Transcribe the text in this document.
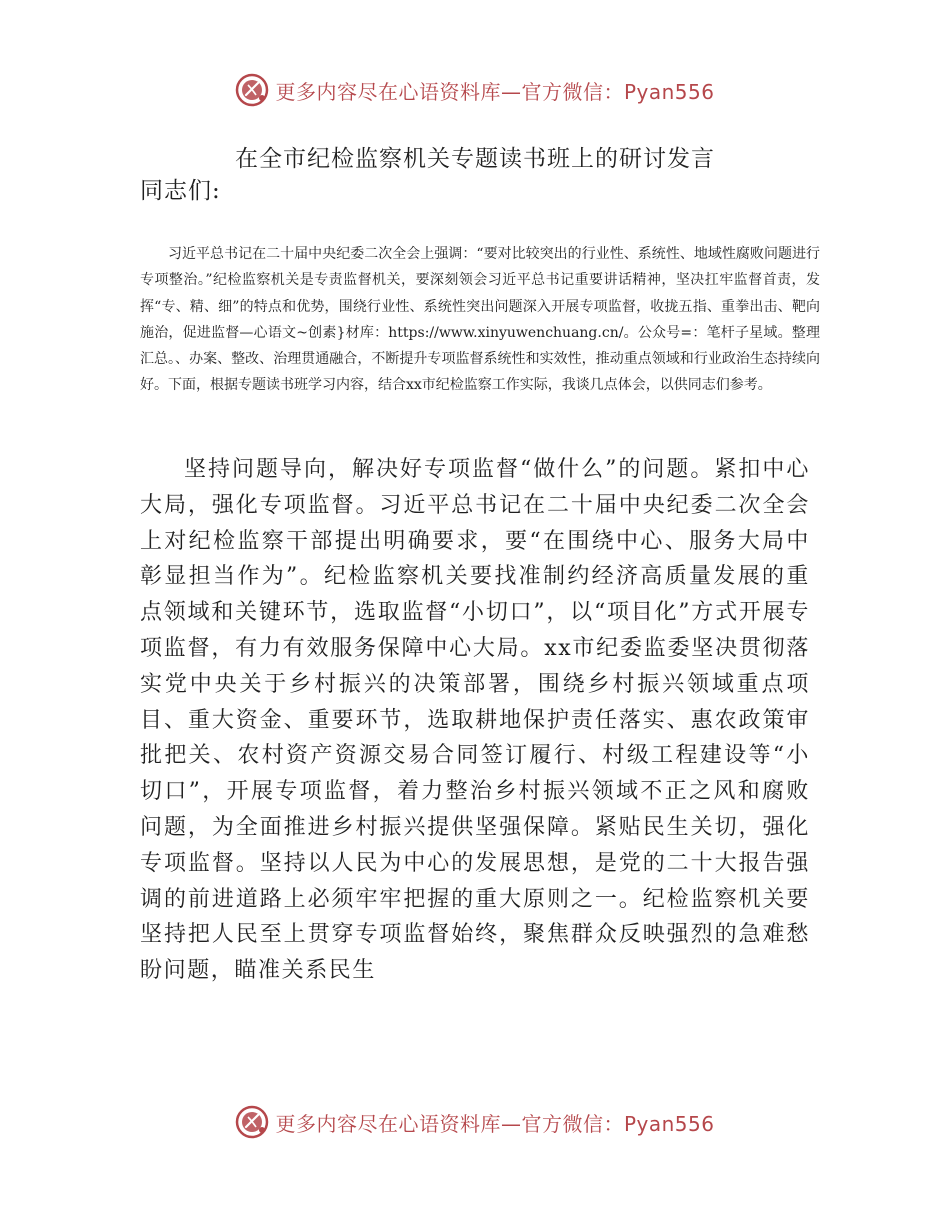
更多内容尽在心语资料库—官方微信：Pyan556
在全市纪检监察机关专题读书班上的研讨发言

同志们:

习近平总书记在二十届中央纪委二次全会上强调：“要对比较突出的行业性、系统性、地域性腐败问题进行专项整治。”纪检监察机关是专责监督机关，要深刻领会习近平总书记重要讲话精神，坚决扛牢监督首责，发挥“专、精、细”的特点和优势，围绕行业性、系统性突出问题深入开展专项监督，收拢五指、重拳出击、靶向施治，促进监督—心语文~创素}材库：https://www.xinyuwenchuang.cn/。公众号=：笔杆子星域。整理汇总。、办案、整改、治理贯通融合，不断提升专项监督系统性和实效性，推动重点领域和行业政治生态持续向好。下面，根据专题读书班学习内容，结合xx市纪检监察工作实际，我谈几点体会，以供同志们参考。

坚持问题导向，解决好专项监督“做什么”的问题。紧扣中心大局，强化专项监督。习近平总书记在二十届中央纪委二次全会上对纪检监察干部提出明确要求，要“在围绕中心、服务大局中彰显担当作为”。纪检监察机关要找准制约经济高质量发展的重点领域和关键环节，选取监督“小切口”，以“项目化”方式开展专项监督，有力有效服务保障中心大局。xx市纪委监委坚决贯彻落实党中央关于乡村振兴的决策部署，围绕乡村振兴领域重点项目、重大资金、重要环节，选取耕地保护责任落实、惠农政策审批把关、农村资产资源交易合同签订履行、村级工程建设等“小切口”，开展专项监督，着力整治乡村振兴领域不正之风和腐败问题，为全面推进乡村振兴提供坚强保障。紧贴民生关切，强化专项监督。坚持以人民为中心的发展思想，是党的二十大报告强调的前进道路上必须牢牢把握的重大原则之一。纪检监察机关要坚持把人民至上贯穿专项监督始终，聚焦群众反映强烈的急难愁盼问题，瞄准关系民生

更多内容尽在心语资料库—官方微信：Pyan556
